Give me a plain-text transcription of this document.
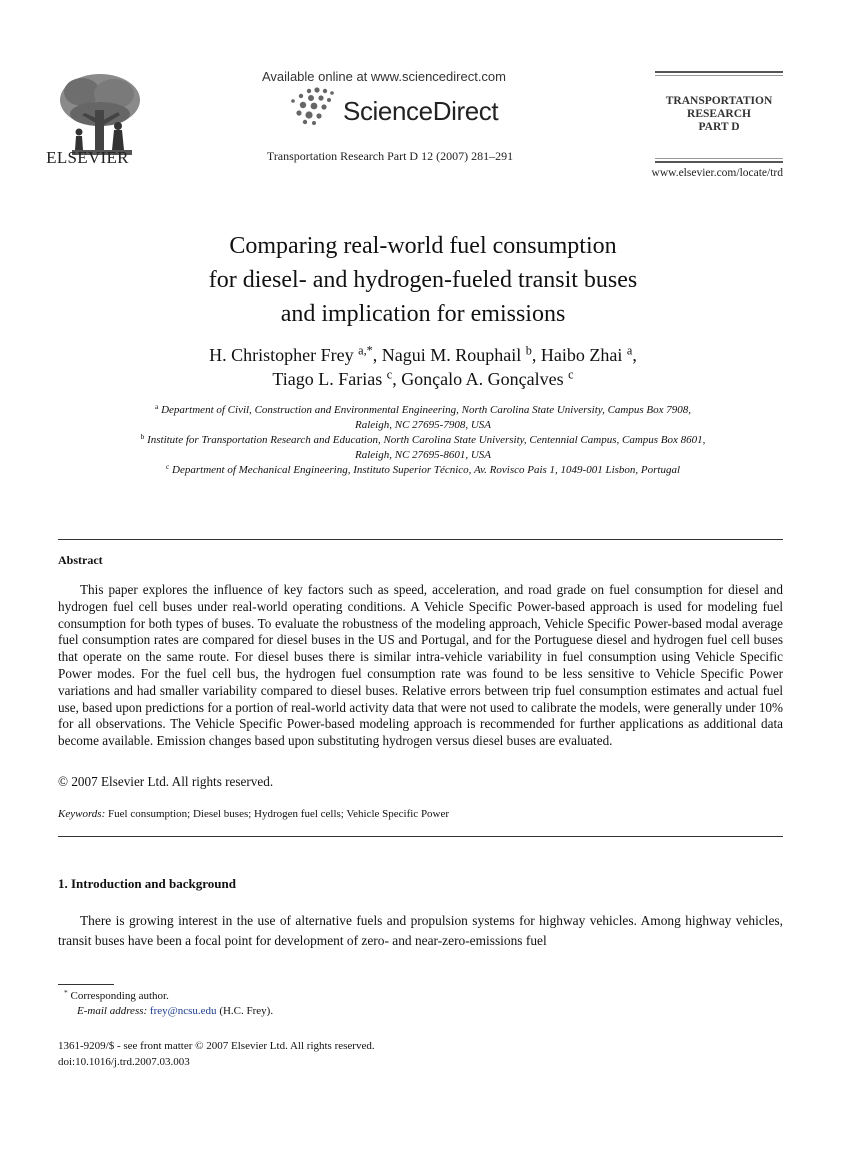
ELSEVIER
Available online at www.sciencedirect.com
ScienceDirect
Transportation Research Part D 12 (2007) 281–291
TRANSPORTATION
RESEARCH
PART D
www.elsevier.com/locate/trd
Comparing real-world fuel consumption
for diesel- and hydrogen-fueled transit buses
and implication for emissions
H. Christopher Frey $^{a,*}$, Nagui M. Rouphail $^b$, Haibo Zhai $^a$,
Tiago L. Farias $^c$, Gonçalo A. Gonçalves $^c$
$^a$ Department of Civil, Construction and Environmental Engineering, North Carolina State University, Campus Box 7908,
Raleigh, NC 27695-7908, USA
$^b$ Institute for Transportation Research and Education, North Carolina State University, Centennial Campus, Campus Box 8601,
Raleigh, NC 27695-8601, USA
$^c$ Department of Mechanical Engineering, Instituto Superior Técnico, Av. Rovisco Pais 1, 1049-001 Lisbon, Portugal
Abstract
This paper explores the influence of key factors such as speed, acceleration, and road grade on fuel consumption for diesel and hydrogen fuel cell buses under real-world operating conditions. A Vehicle Specific Power-based approach is used for modeling fuel consumption for both types of buses. To evaluate the robustness of the modeling approach, Vehicle Specific Power-based modal average fuel consumption rates are compared for diesel buses in the US and Portugal, and for the Portuguese diesel and hydrogen fuel cell buses that operate on the same route. For diesel buses there is similar intra-vehicle variability in fuel consumption using Vehicle Specific Power modes. For the fuel cell bus, the hydrogen fuel consumption rate was found to be less sensitive to Vehicle Specific Power variations and had smaller variability compared to diesel buses. Relative errors between trip fuel consumption estimates and actual fuel use, based upon predictions for a portion of real-world activity data that were not used to calibrate the models, were generally under 10% for all observations. The Vehicle Specific Power-based modeling approach is recommended for further applications as additional data become available. Emission changes based upon substituting hydrogen versus diesel buses are evaluated.
© 2007 Elsevier Ltd. All rights reserved.
Keywords: Fuel consumption; Diesel buses; Hydrogen fuel cells; Vehicle Specific Power
1. Introduction and background
There is growing interest in the use of alternative fuels and propulsion systems for highway vehicles. Among highway vehicles, transit buses have been a focal point for development of zero- and near-zero-emissions fuel
* Corresponding author.
E-mail address: frey@ncsu.edu (H.C. Frey).
1361-9209/$ - see front matter © 2007 Elsevier Ltd. All rights reserved.
doi:10.1016/j.trd.2007.03.003
